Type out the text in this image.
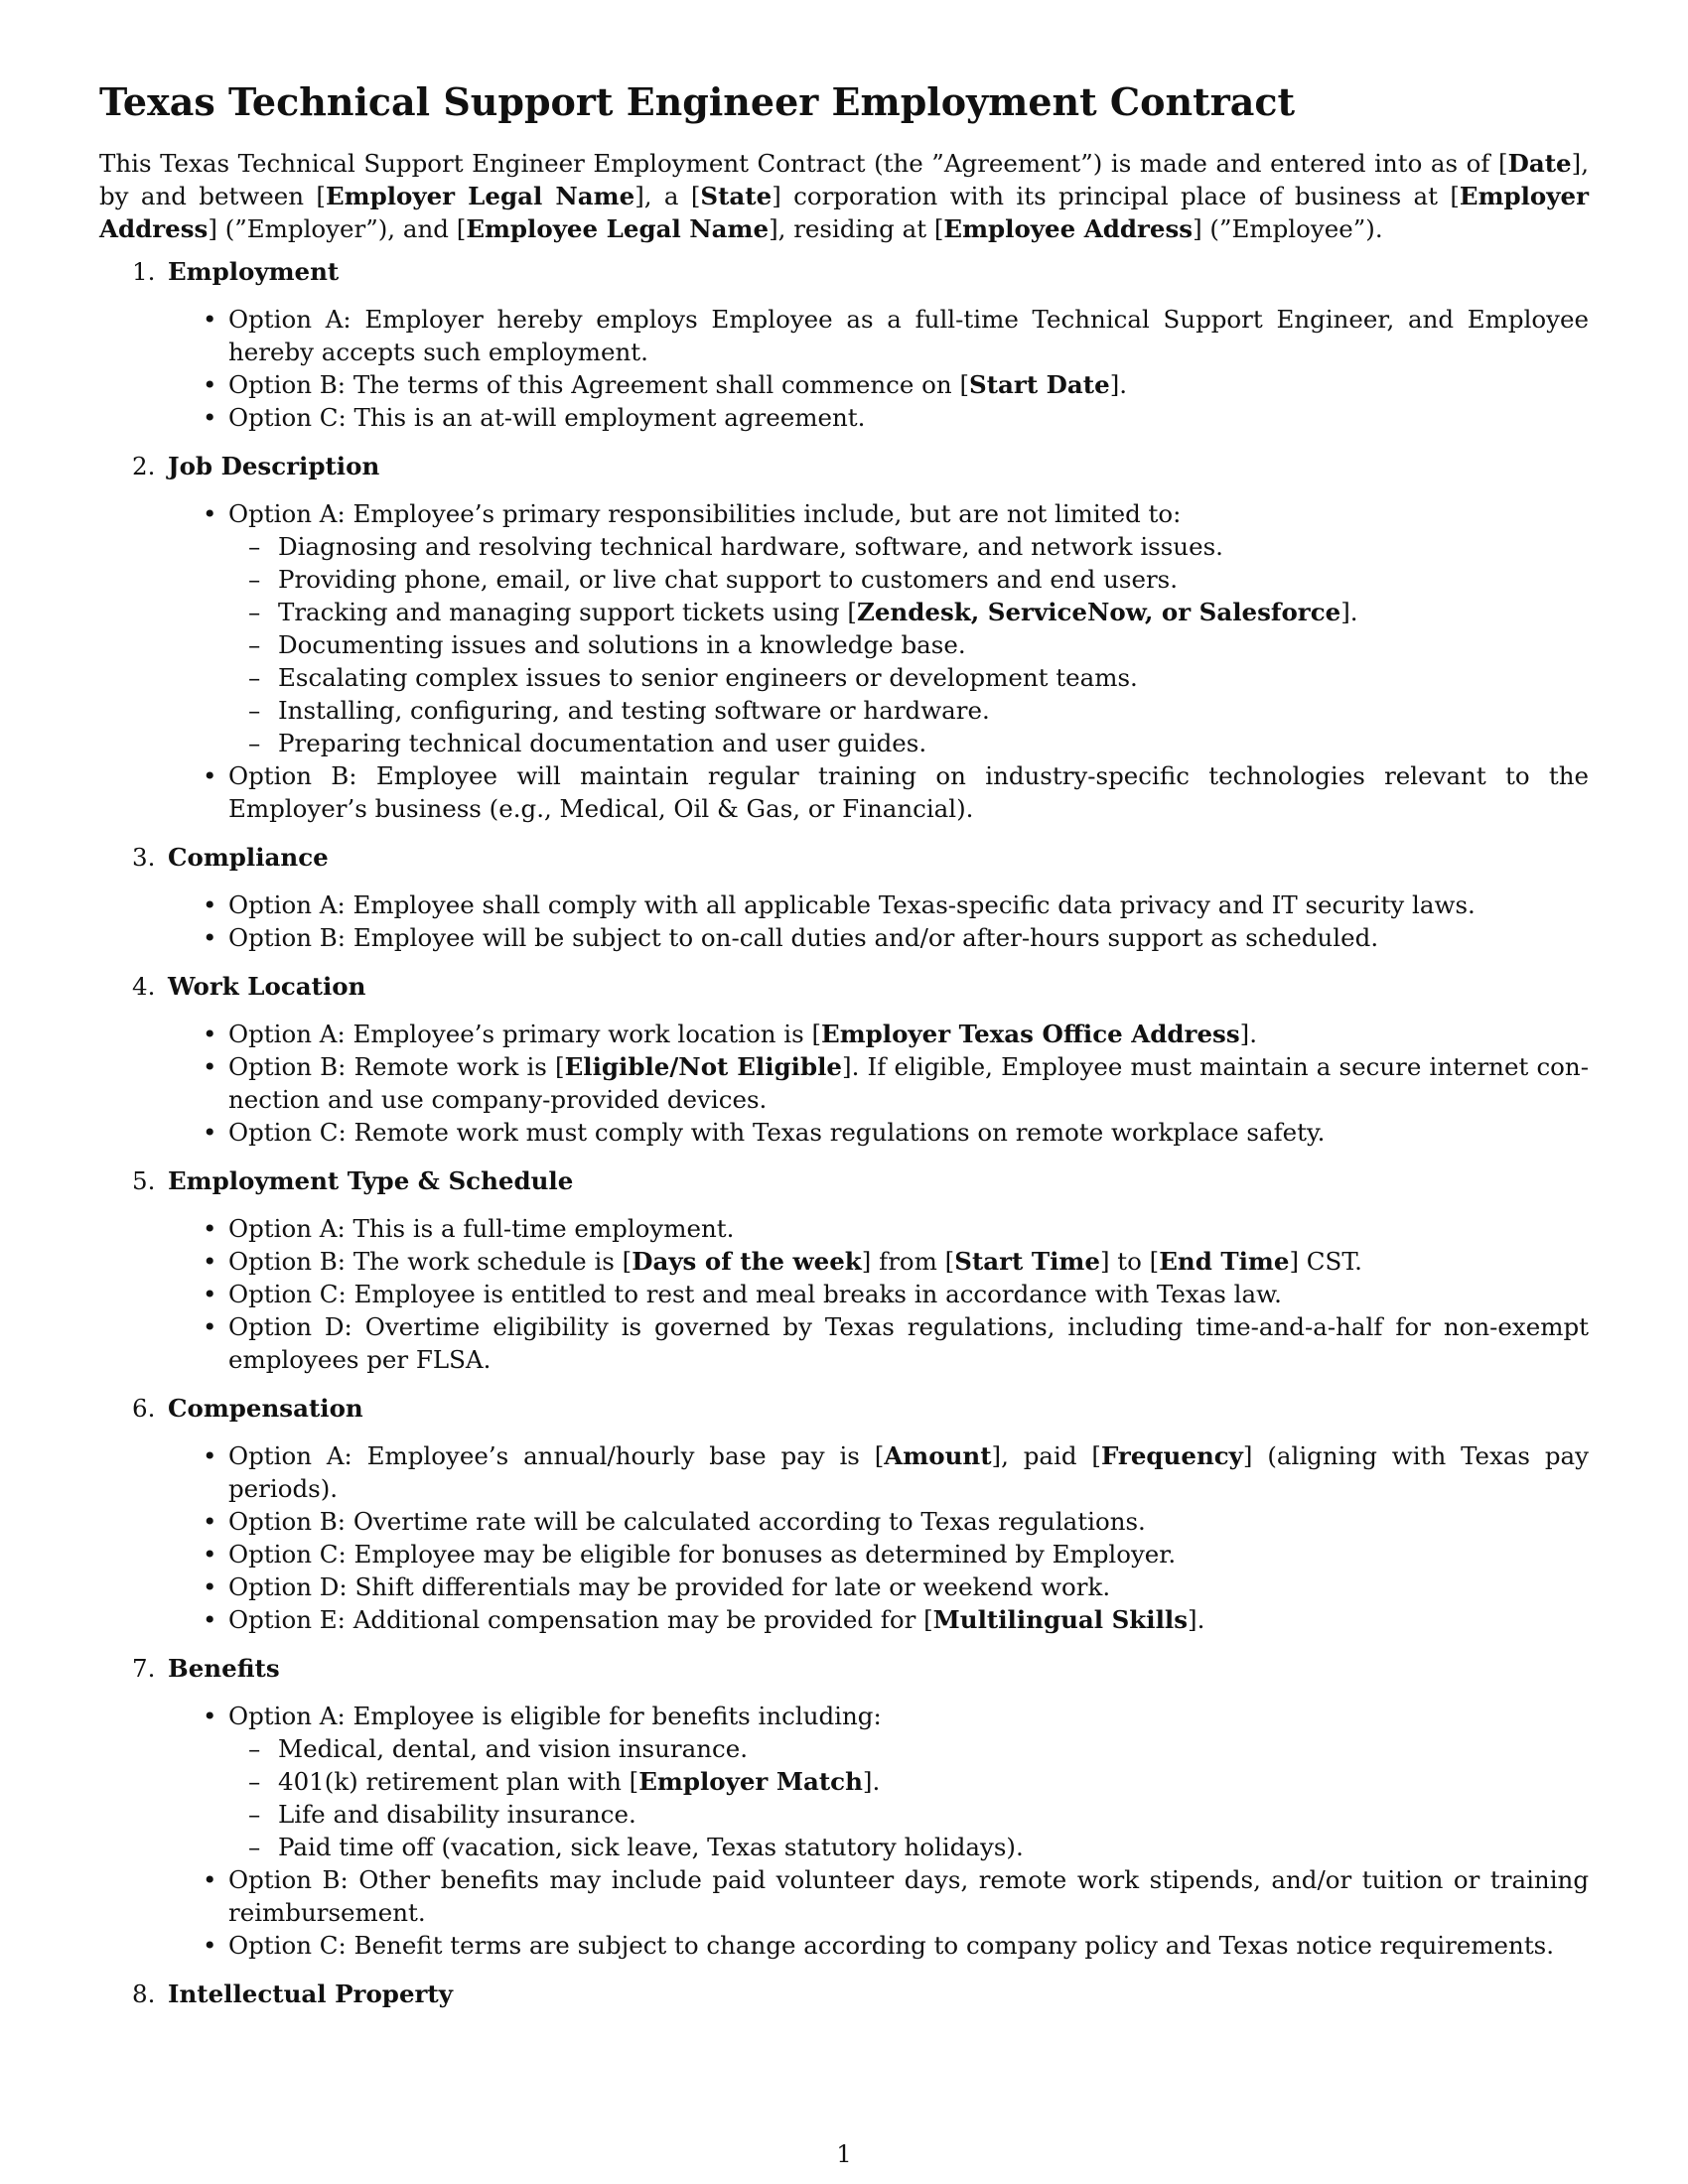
Texas Technical Support Engineer Employment Contract

This Texas Technical Support Engineer Employment Contract (the ”Agreement”) is made and entered into as of [Date], by and between [Employer Legal Name], a [State] corporation with its principal place of business at [Employer Address] (”Employer”), and [Employee Legal Name], residing at [Employee Address] (”Employee”).

1. Employment
• Option A: Employer hereby employs Employee as a full-time Technical Support Engineer, and Employee hereby accepts such employment.
• Option B: The terms of this Agreement shall commence on [Start Date].
• Option C: This is an at-will employment agreement.
2. Job Description
• Option A: Employee’s primary responsibilities include, but are not limited to:
– Diagnosing and resolving technical hardware, software, and network issues.
– Providing phone, email, or live chat support to customers and end users.
– Tracking and managing support tickets using [Zendesk, ServiceNow, or Salesforce].
– Documenting issues and solutions in a knowledge base.
– Escalating complex issues to senior engineers or development teams.
– Installing, configuring, and testing software or hardware.
– Preparing technical documentation and user guides.
• Option B: Employee will maintain regular training on industry-specific technologies relevant to the Employer’s business (e.g., Medical, Oil & Gas, or Financial).
3. Compliance
• Option A: Employee shall comply with all applicable Texas-specific data privacy and IT security laws.
• Option B: Employee will be subject to on-call duties and/or after-hours support as scheduled.
4. Work Location
• Option A: Employee’s primary work location is [Employer Texas Office Address].
• Option B: Remote work is [Eligible/Not Eligible]. If eligible, Employee must maintain a secure internet connection and use company-provided devices.
• Option C: Remote work must comply with Texas regulations on remote workplace safety.
5. Employment Type & Schedule
• Option A: This is a full-time employment.
• Option B: The work schedule is [Days of the week] from [Start Time] to [End Time] CST.
• Option C: Employee is entitled to rest and meal breaks in accordance with Texas law.
• Option D: Overtime eligibility is governed by Texas regulations, including time-and-a-half for non-exempt employees per FLSA.
6. Compensation
• Option A: Employee’s annual/hourly base pay is [Amount], paid [Frequency] (aligning with Texas pay periods).
• Option B: Overtime rate will be calculated according to Texas regulations.
• Option C: Employee may be eligible for bonuses as determined by Employer.
• Option D: Shift differentials may be provided for late or weekend work.
• Option E: Additional compensation may be provided for [Multilingual Skills].
7. Benefits
• Option A: Employee is eligible for benefits including:
– Medical, dental, and vision insurance.
– 401(k) retirement plan with [Employer Match].
– Life and disability insurance.
– Paid time off (vacation, sick leave, Texas statutory holidays).
• Option B: Other benefits may include paid volunteer days, remote work stipends, and/or tuition or training reimbursement.
• Option C: Benefit terms are subject to change according to company policy and Texas notice requirements.
8. Intellectual Property
1
